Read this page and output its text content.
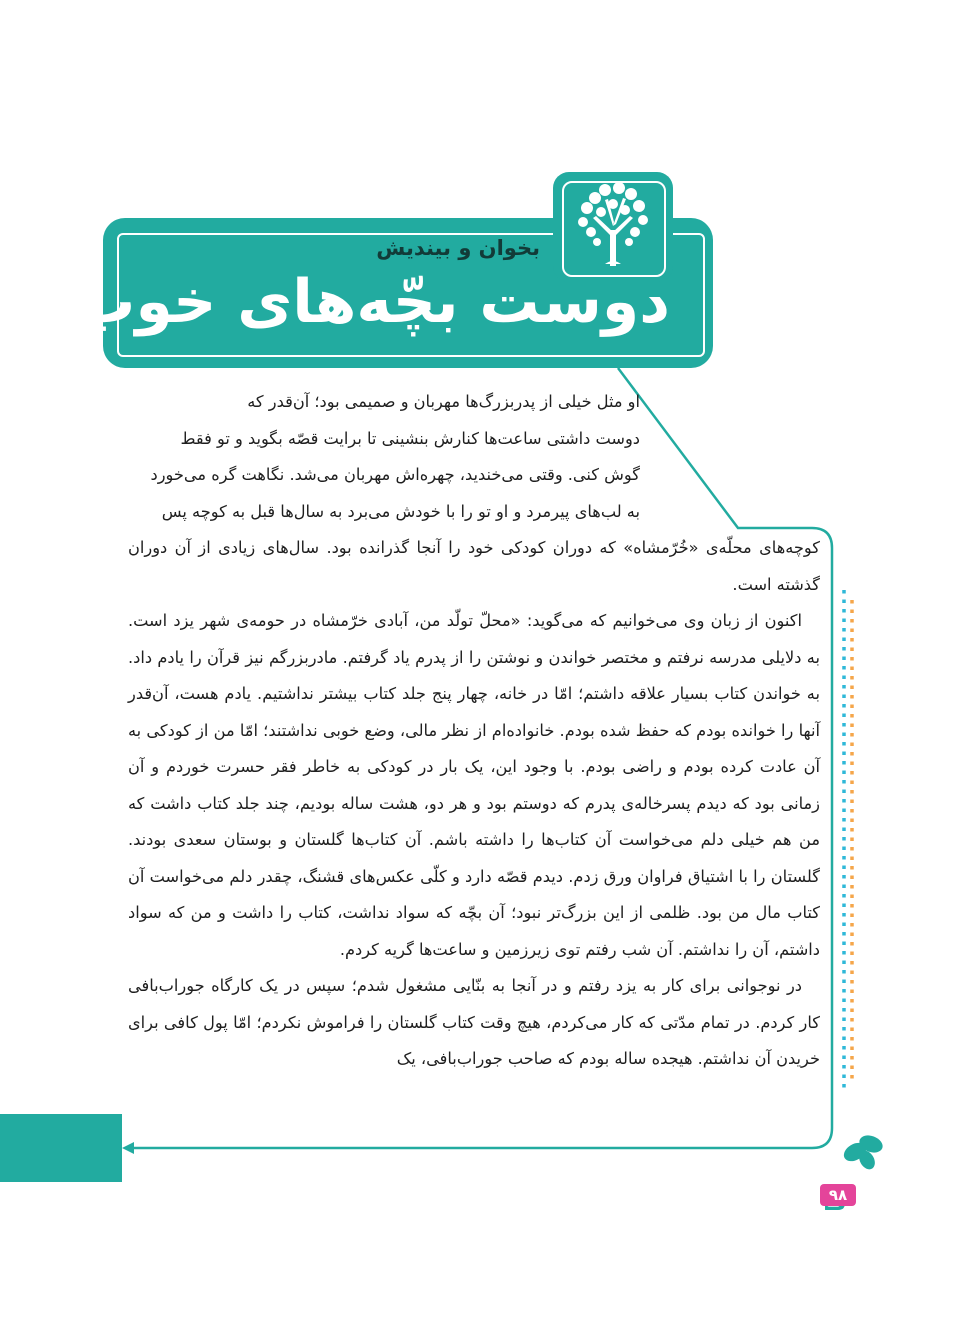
بخوان و بیندیش
دوست بچّه‌های خوب

او مثل خیلی از پدربزرگ‌ها مهربان و صمیمی بود؛ آن‌قدر که

دوست داشتی ساعت‌ها کنارش بنشینی تا برایت قصّه بگوید و تو فقط

گوش کنی. وقتی می‌خندید، چهره‌اش مهربان می‌شد. نگاهت گره می‌خورد

به لب‌های پیرمرد و او تو را با خودش می‌برد به سال‌ها قبل به کوچه پس

کوچه‌های محلّه‌ی «خُرّمشاه» که دوران کودکی خود را آنجا گذرانده بود. سال‌های زیادی از آن دوران گذشته است.

اکنون از زبان وی می‌خوانیم که می‌گوید: «محلّ تولّد من، آبادی خرّمشاه در حومه‌ی شهر یزد است. به دلایلی مدرسه نرفتم و مختصر خواندن و نوشتن را از پدرم یاد گرفتم. مادربزرگم نیز قرآن را یادم داد. به خواندن کتاب بسیار علاقه داشتم؛ امّا در خانه، چهار پنج جلد کتاب بیشتر نداشتیم. یادم هست، آن‌قدر آنها را خوانده بودم که حفظ شده بودم. خانواده‌ام از نظر مالی، وضع خوبی نداشتند؛ امّا من از کودکی به آن عادت کرده بودم و راضی بودم. با وجود این، یک بار در کودکی به خاطر فقر حسرت خوردم و آن زمانی بود که دیدم پسرخاله‌ی پدرم که دوستم بود و هر دو، هشت ساله بودیم، چند جلد کتاب داشت که من هم خیلی دلم می‌خواست آن کتاب‌ها را داشته باشم. آن کتاب‌ها گلستان و بوستان سعدی بودند. گلستان را با اشتیاق فراوان ورق زدم. دیدم قصّه دارد و کلّی عکس‌های قشنگ، چقدر دلم می‌خواست آن کتاب مال من بود. ظلمی از این بزرگ‌تر نبود؛ آن بچّه که سواد نداشت، کتاب را داشت و من که سواد داشتم، آن را نداشتم. آن شب رفتم توی زیرزمین و ساعت‌ها گریه کردم.

در نوجوانی برای کار به یزد رفتم و در آنجا به بنّایی مشغول شدم؛ سپس در یک کارگاه جوراب‌بافی کار کردم. در تمام مدّتی که کار می‌کردم، هیچ وقت کتاب گلستان را فراموش نکردم؛ امّا پول کافی برای خریدن آن نداشتم. هیجده ساله بودم که صاحب جوراب‌بافی، یک

۹۸
